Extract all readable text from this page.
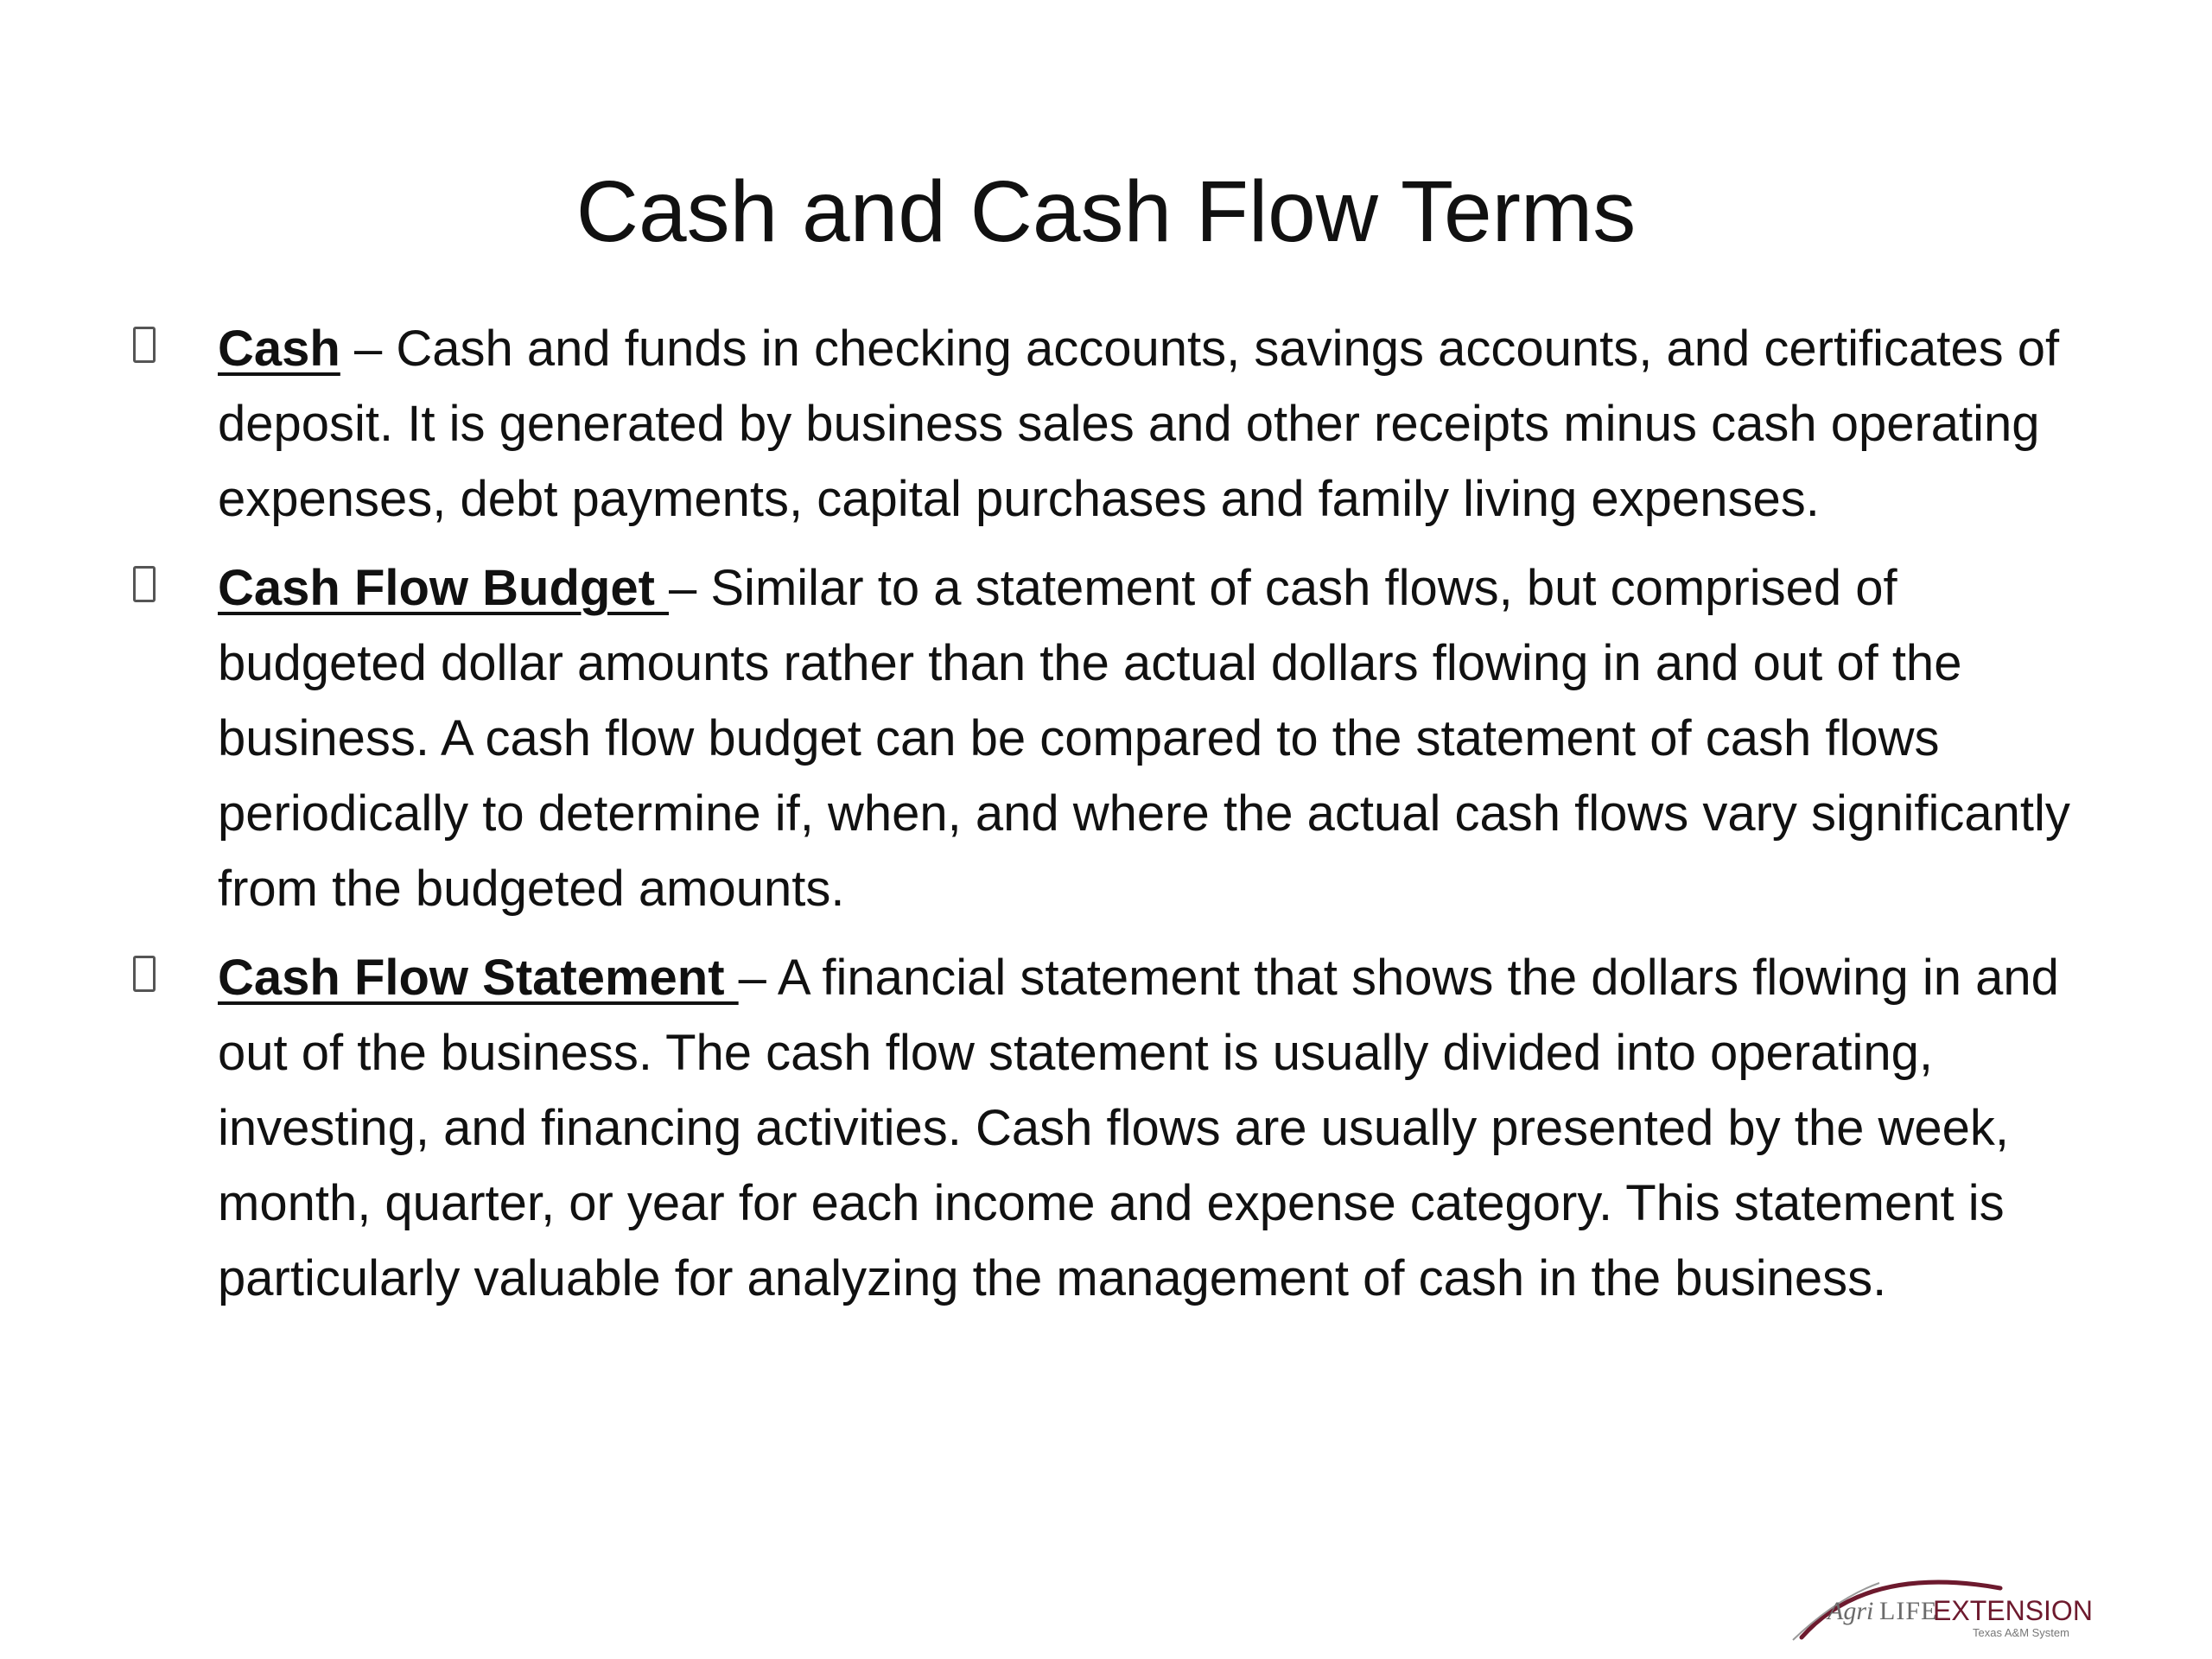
Cash and Cash Flow Terms
Cash – Cash and funds in checking accounts, savings accounts, and certificates of deposit. It is generated by business sales and other receipts minus cash operating expenses, debt payments, capital purchases and family living expenses.
Cash Flow Budget – Similar to a statement of cash flows, but comprised of budgeted dollar amounts rather than the actual dollars flowing in and out of the business. A cash flow budget can be compared to the statement of cash flows periodically to determine if, when, and where the actual cash flows vary significantly from the budgeted amounts.
Cash Flow Statement – A financial statement that shows the dollars flowing in and out of the business. The cash flow statement is usually divided into operating, investing, and financing activities. Cash flows are usually presented by the week, month, quarter, or year for each income and expense category. This statement is particularly valuable for analyzing the management of cash in the business.
Agri LIFE
EXTENSION
Texas A&M System
